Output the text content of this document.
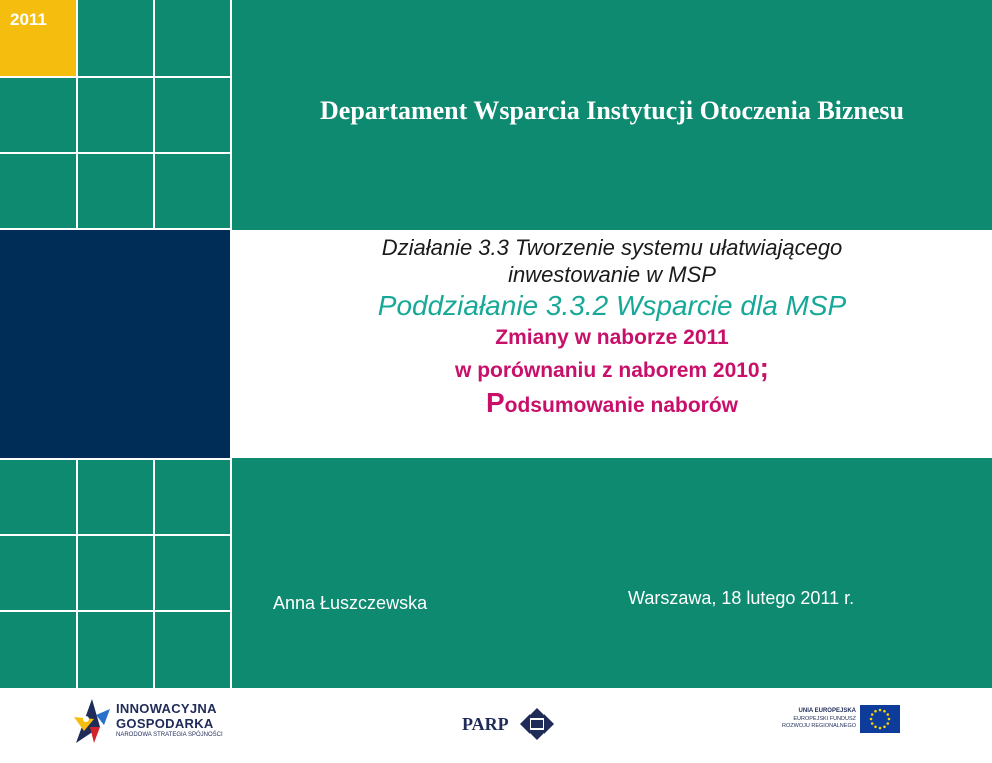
2011
Departament Wsparcia Instytucji Otoczenia Biznesu
Działanie 3.3 Tworzenie systemu ułatwiającego
inwestowanie w MSP
Poddziałanie 3.3.2 Wsparcie dla MSP
Zmiany w naborze 2011
w porównaniu z naborem 2010;
Podsumowanie naborów
Anna Łuszczewska	Warszawa, 18 lutego 2011 r.
INNOWACYJNA
GOSPODARKA
NARODOWA STRATEGIA SPÓJNOŚCI
PARP
UNIA EUROPEJSKA
EUROPEJSKI FUNDUSZ
ROZWOJU REGIONALNEGO
